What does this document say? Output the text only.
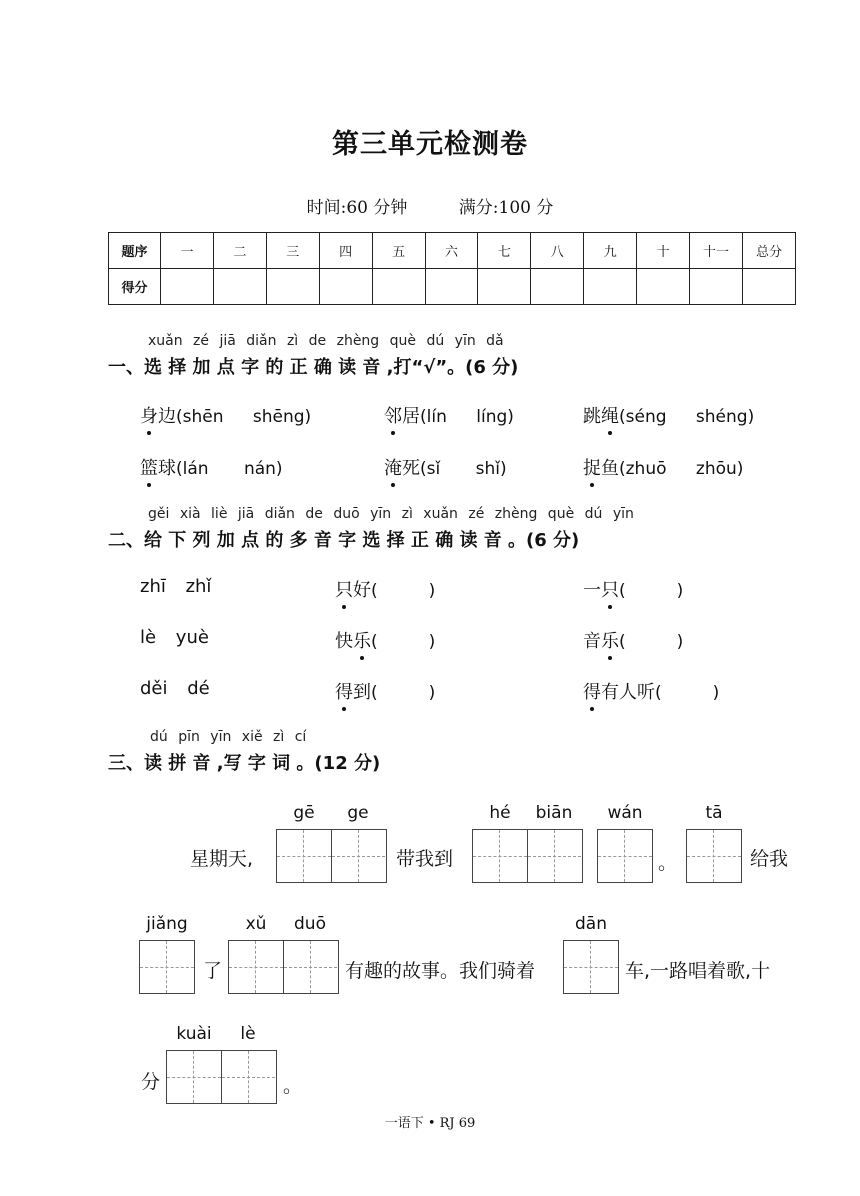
第三单元检测卷
时间:60 分钟	满分:100 分
题序	一	二	三	四	五	六	七	八	九	十	十一	总分
得分												
xuǎn zé jiā diǎn zì de zhèng què dú yīn dǎ
一、选 择 加 点 字 的 正 确 读 音 ,打“√”。(6 分)
身边(shēn shēng)	邻居(lín líng)	跳绳(séng shéng)
篮球(lán nán)	淹死(sǐ shǐ)	捉鱼(zhuō zhōu)
gěi xià liè jiā diǎn de duō yīn zì xuǎn zé zhèng què dú yīn
二、给 下 列 加 点 的 多 音 字 选 择 正 确 读 音 。(6 分)
zhī zhǐ	只好(   )	一只(   )
lè yuè	快乐(   )	音乐(   )
děi dé	得到(   )	得有人听(   )
dú pīn yīn xiě zì cí
三、读 拼 音 ,写 字 词 。(12 分)
星期天,
gē	ge
带我到
hé	biān	wán
。
tā
给我
jiǎng
了
xǔ	duō
有趣的故事。我们骑着
dān
车,一路唱着歌,十
分
kuài	lè
。
一语下 • RJ 69
